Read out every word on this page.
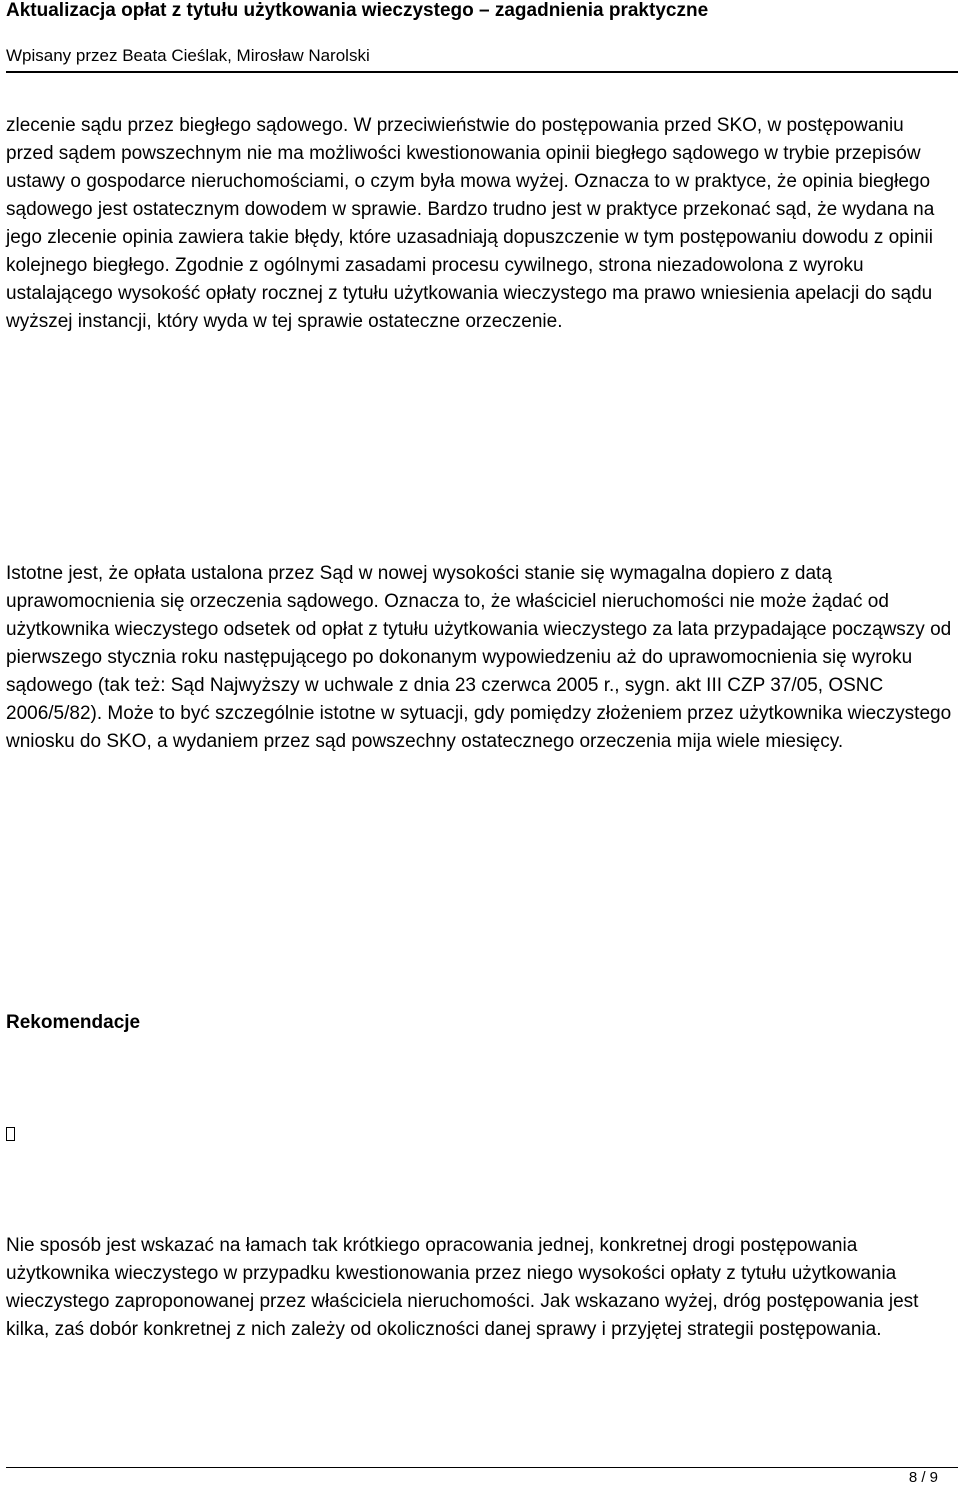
Aktualizacja opłat z tytułu użytkowania wieczystego – zagadnienia praktyczne
Wpisany przez Beata Cieślak, Mirosław Narolski

zlecenie sądu przez biegłego sądowego. W przeciwieństwie do postępowania przed SKO, w postępowaniu przed sądem powszechnym nie ma możliwości kwestionowania opinii biegłego sądowego w trybie przepisów ustawy o gospodarce nieruchomościami, o czym była mowa wyżej. Oznacza to w praktyce, że opinia biegłego sądowego jest ostatecznym dowodem w sprawie. Bardzo trudno jest w praktyce przekonać sąd, że wydana na jego zlecenie opinia zawiera takie błędy, które uzasadniają dopuszczenie w tym postępowaniu dowodu z opinii kolejnego biegłego. Zgodnie z ogólnymi zasadami procesu cywilnego, strona niezadowolona z wyroku ustalającego wysokość opłaty rocznej z tytułu użytkowania wieczystego ma prawo wniesienia apelacji do sądu wyższej instancji, który wyda w tej sprawie ostateczne orzeczenie.

Istotne jest, że opłata ustalona przez Sąd w nowej wysokości stanie się wymagalna dopiero z datą uprawomocnienia się orzeczenia sądowego. Oznacza to, że właściciel nieruchomości nie może żądać od użytkownika wieczystego odsetek od opłat z tytułu użytkowania wieczystego za lata przypadające począwszy od pierwszego stycznia roku następującego po dokonanym wypowiedzeniu aż do uprawomocnienia się wyroku sądowego (tak też: Sąd Najwyższy w uchwale z dnia 23 czerwca 2005 r., sygn. akt III CZP 37/05, OSNC 2006/5/82). Może to być szczególnie istotne w sytuacji, gdy pomiędzy złożeniem przez użytkownika wieczystego wniosku do SKO, a wydaniem przez sąd powszechny ostatecznego orzeczenia mija wiele miesięcy.

Rekomendacje

Nie sposób jest wskazać na łamach tak krótkiego opracowania jednej, konkretnej drogi postępowania użytkownika wieczystego w przypadku kwestionowania przez niego wysokości opłaty z tytułu użytkowania wieczystego zaproponowanej przez właściciela nieruchomości. Jak wskazano wyżej, dróg postępowania jest kilka, zaś dobór konkretnej z nich zależy od okoliczności danej sprawy i przyjętej strategii postępowania.

8 / 9
